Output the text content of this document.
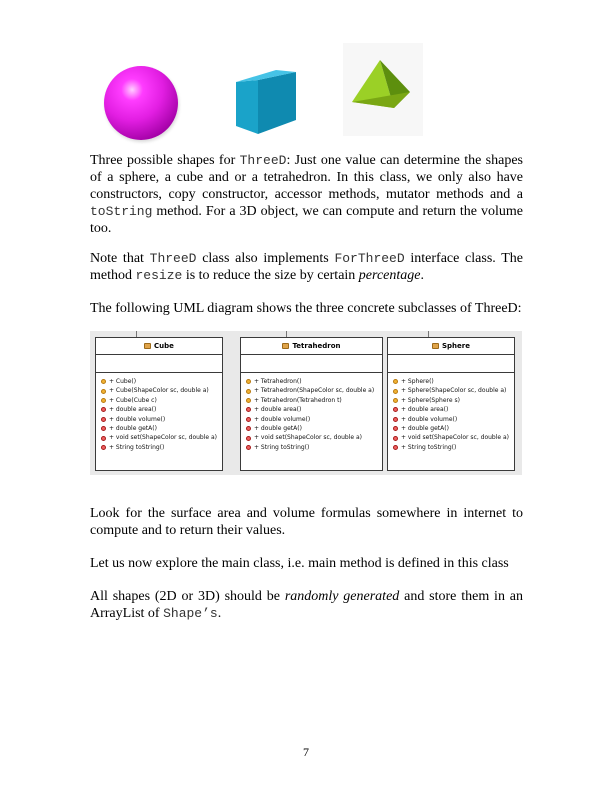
Three possible shapes for ThreeD: Just one value can determine the shapes of a sphere, a cube and or a tetrahedron. In this class, we only also have constructors, copy constructor, accessor methods, mutator methods and a toString method. For a 3D object, we can compute and return the volume too.
Note that ThreeD class also implements ForThreeD interface class. The method resize is to reduce the size by certain percentage.
The following UML diagram shows the three concrete subclasses of ThreeD:
Cube
+ Cube()
+ Cube(ShapeColor sc, double a)
+ Cube(Cube c)
+ double area()
+ double volume()
+ double getA()
+ void set(ShapeColor sc, double a)
+ String toString()
Tetrahedron
+ Tetrahedron()
+ Tetrahedron(ShapeColor sc, double a)
+ Tetrahedron(Tetrahedron t)
+ double area()
+ double volume()
+ double getA()
+ void set(ShapeColor sc, double a)
+ String toString()
Sphere
+ Sphere()
+ Sphere(ShapeColor sc, double a)
+ Sphere(Sphere s)
+ double area()
+ double volume()
+ double getA()
+ void set(ShapeColor sc, double a)
+ String toString()
Look for the surface area and volume formulas somewhere in internet to compute and to return their values.
Let us now explore the main class, i.e. main method is defined in this class
All shapes (2D or 3D) should be randomly generated and store them in an ArrayList of Shape’s.
7
